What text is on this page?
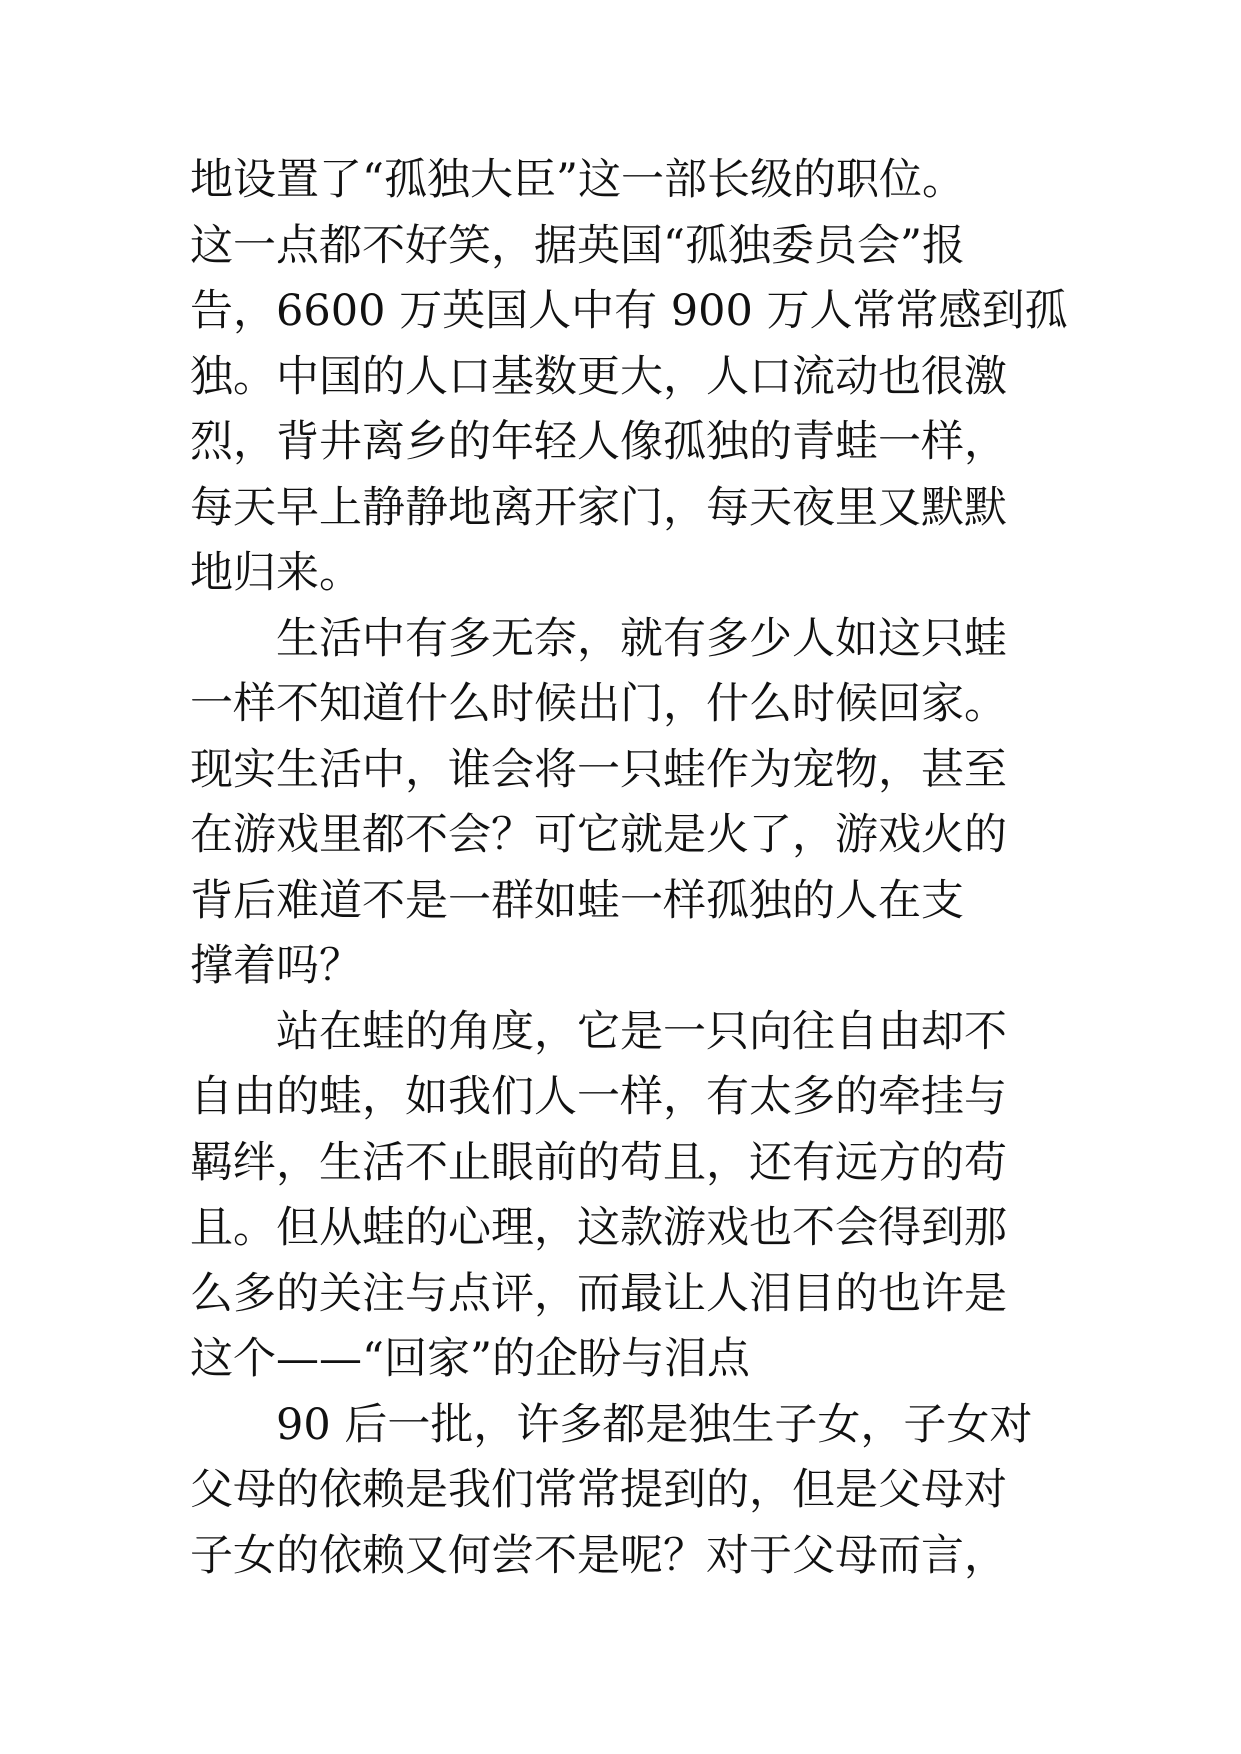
地设置了“孤独大臣”这一部长级的职位。
这一点都不好笑，据英国“孤独委员会”报
告，6600 万英国人中有 900 万人常常感到孤
独。中国的人口基数更大，人口流动也很激
烈，背井离乡的年轻人像孤独的青蛙一样，
每天早上静静地离开家门，每天夜里又默默
地归来。
　　生活中有多无奈，就有多少人如这只蛙
一样不知道什么时候出门，什么时候回家。
现实生活中，谁会将一只蛙作为宠物，甚至
在游戏里都不会？可它就是火了，游戏火的
背后难道不是一群如蛙一样孤独的人在支
撑着吗？
　　站在蛙的角度，它是一只向往自由却不
自由的蛙，如我们人一样，有太多的牵挂与
羁绊，生活不止眼前的苟且，还有远方的苟
且。但从蛙的心理，这款游戏也不会得到那
么多的关注与点评，而最让人泪目的也许是
这个——“回家”的企盼与泪点
　　90 后一批，许多都是独生子女，子女对
父母的依赖是我们常常提到的，但是父母对
子女的依赖又何尝不是呢？对于父母而言，
